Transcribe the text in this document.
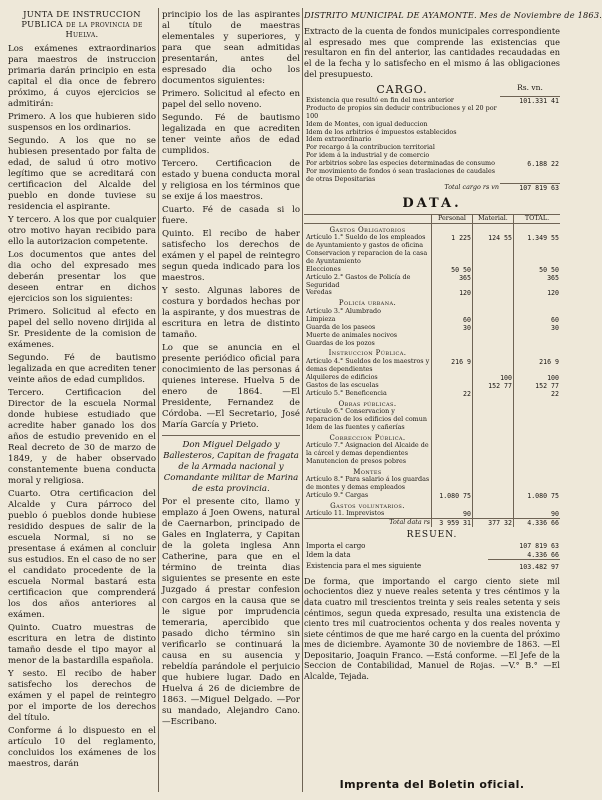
JUNTA DE INSTRUCCION PUBLICA de la provincia de Huelva.

Los exámenes extraordinarios para maestros de instruccion primaria darán principio en esta capital el dia once de febrero próximo, á cuyos ejercicios se admitirán:

Primero. A los que hubieren sido suspensos en los ordinarios.

Segundo. A los que no se hubiesen presentado por falta de edad, de salud ú otro motivo legítimo que se acreditará con certificacion del Alcalde del pueblo en donde tuviese su residencia el aspirante.

Y tercero. A los que por cualquier otro motivo hayan recibido para ello la autorizacion competente.

Los documentos que antes del dia ocho del expresado mes deberán presentar los que deseen entrar en dichos ejercicios son los siguientes:

Primero. Solicitud al efecto en papel del sello noveno dirijida al Sr. Presidente de la comision de exámenes.

Segundo. Fé de bautismo legalizada en que acrediten tener veinte años de edad cumplidos.

Tercero. Certificacion del Director de la escuela Normal donde hubiese estudiado que acredite haber ganado los dos años de estudio prevenido en el Real decreto de 30 de marzo de 1849, y de haber observado constantemente buena conducta moral y religiosa.

Cuarto. Otra certificacion del Alcalde y Cura párroco del pueblo ó pueblos donde hubiese residido despues de salir de la escuela Normal, si no se presentase á exámen al concluir sus estudios. En el caso de no ser el candidato procedente de la escuela Normal bastará esta certificacion que comprenderá los dos años anteriores al exámen.

Quinto. Cuatro muestras de escritura en letra de distinto tamaño desde el tipo mayor al menor de la bastardilla española.

Y sesto. El recibo de haber satisfecho los derechos de exámen y el papel de reintegro por el importe de los derechos del título.

Conforme á lo dispuesto en el artículo 10 del reglamento, concluidos los exámenes de los maestros, darán

principio los de las aspirantes al título de maestras elementales y superiores, y para que sean admitidas presentarán, antes del espresado dia ocho los documentos siguientes:

Primero. Solicitud al efecto en papel del sello noveno.

Segundo. Fé de bautismo legalizada en que acrediten tener veinte años de edad cumplidos.

Tercero. Certificacion de estado y buena conducta moral y religiosa en los términos que se exije á los maestros.

Cuarto. Fé de casada si lo fuere.

Quinto. El recibo de haber satisfecho los derechos de exámen y el papel de reintegro segun queda indicado para los maestros.

Y sesto. Algunas labores de costura y bordados hechas por la aspirante, y dos muestras de escritura en letra de distinto tamaño.

Lo que se anuncia en el presente periódico oficial para conocimiento de las personas á quienes interese. Huelva 5 de enero de 1864. —El Presidente, Fernandez de Córdoba. —El Secretario, José María García y Prieto.

Don Miguel Delgado y Ballesteros, Capitan de fragata de la Armada nacional y Comandante militar de Marina de esta provincia.

Por el presente cito, llamo y emplazo á Joen Owens, natural de Caernarbon, principado de Gales en Inglaterra, y Capitan de la goleta inglesa Ann Catherine, para que en el término de treinta dias siguientes se presente en este Juzgado á prestar confesion con cargos en la causa que se le sigue por imprudencia temeraria, apercibido que pasado dicho término sin verificarlo se continuará la causa en su ausencia y rebeldía parándole el perjuicio que hubiere lugar. Dado en Huelva á 26 de diciembre de 1863. —Miguel Delgado. —Por su mandado, Alejandro Cano. —Escribano.

DISTRITO MUNICIPAL DE AYAMONTE. Mes de Noviembre de 1863.

Extracto de la cuenta de fondos municipales correspondiente al espresado mes que comprende las existencias que resultaron en fin del anterior, las cantidades recaudadas en el de la fecha y lo satisfecho en el mismo á las obligaciones del presupuesto.

CARGO.	Rs. vn.
Existencia que resultó en fin del mes anterior	101.331 41
Producto de propios sin deducir contribuciones y el 20 por 100	
Idem de Montes, con igual deduccion	
Idem de los arbitrios é impuestos establecidos	
Idem extraordinario	
Por recargo á la contribucion territorial	
Por idem á la industrial y de comercio	
Por arbitrios sobre las especies determinadas de consumo	6.188 22
Por movimiento de fondos ó sean traslaciones de caudales de otras Depositarias	
Total cargo rs vn	107 819 63
DATA.
	Personal	Material.	TOTAL.
Gastos Obligatorios			
Artículo 1.° Sueldo de los empleados de Ayuntamiento y gastos de oficina	1 225	124 55	1.349 55
Conservacion y reparacion de la casa de Ayuntamiento			
Elecciones	50 50		50 50
Artículo 2.° Gastos de Policía de Seguridad	365		365
Veredas	120		120
Policía urbana.			
Artículo 3.° Alumbrado			
Limpieza	60		60
Guarda de los paseos	30		30
Muerte de animales nocivos			
Guardas de los pozos			
Instruccion Pública.			
Artículo 4.° Sueldos de los maestros y demas dependientes	216 9		216 9
Alquileres de edificios		100	100
Gastos de las escuelas		152 77	152 77
Artículo 5.° Beneficencia	22		22
Obras públicas.			
Artículo 6.° Conservacion y reparacion de los edificios del comun			
Idem de las fuentes y cañerías			
Correccion Pública.			
Artículo 7.° Asignacion del Alcaide de la cárcel y demas dependientes			
Manutencion de presos pobres			
Montes			
Artículo 8.° Para salario á los guardas de montes y demas empleados			
Artículo 9.° Cargas	1.080 75		1.080 75
Gastos voluntarios.			
Artículo 11. Imprevistos	90		90
Total data rs	3 959 31	377 32	4.336 66
RESUEN.
Importa el cargo	107 819 63
Idem la data	4.336 66
Existencia para el mes siguiente	103.482 97

De forma, que importando el cargo ciento siete mil ochocientos diez y nueve reales setenta y tres céntimos y la data cuatro mil trescientos treinta y seis reales setenta y seis céntimos, segun queda expresado, resulta una existencia de ciento tres mil cuatrocientos ochenta y dos reales noventa y siete céntimos de que me haré cargo en la cuenta del próximo mes de diciembre. Ayamonte 30 de noviembre de 1863. —El Depositario, Joaquin Franco. —Está conforme. —El Jefe de la Seccion de Contabilidad, Manuel de Rojas. —V.° B.° —El Alcalde, Tejada.

Imprenta del Boletin oficial.
